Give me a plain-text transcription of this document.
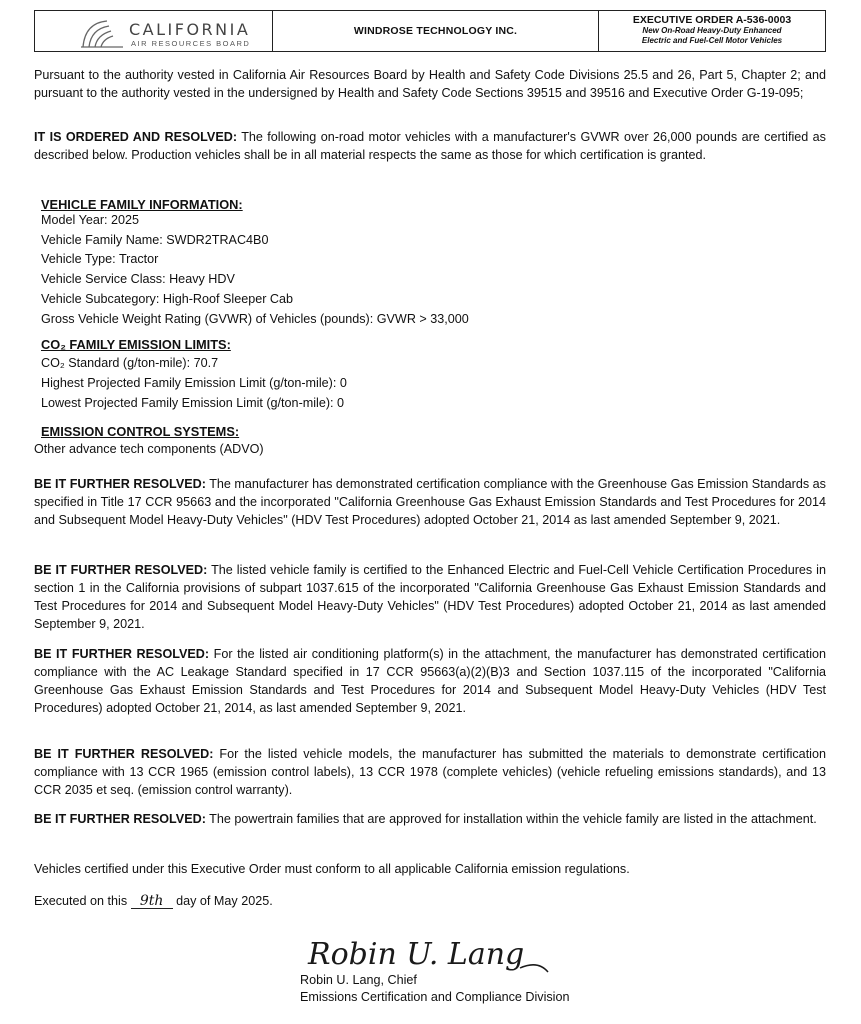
CALIFORNIA
AIR RESOURCES BOARD
WINDROSE TECHNOLOGY INC.
EXECUTIVE ORDER A-536-0003
New On-Road Heavy-Duty Enhanced
Electric and Fuel-Cell Motor Vehicles

Pursuant to the authority vested in California Air Resources Board by Health and Safety Code Divisions 25.5 and 26, Part 5, Chapter 2; and pursuant to the authority vested in the undersigned by Health and Safety Code Sections 39515 and 39516 and Executive Order G-19-095;

IT IS ORDERED AND RESOLVED: The following on-road motor vehicles with a manufacturer's GVWR over 26,000 pounds are certified as described below. Production vehicles shall be in all material respects the same as those for which certification is granted.

VEHICLE FAMILY INFORMATION:

Model Year: 2025

Vehicle Family Name: SWDR2TRAC4B0

Vehicle Type: Tractor

Vehicle Service Class: Heavy HDV

Vehicle Subcategory: High-Roof Sleeper Cab

Gross Vehicle Weight Rating (GVWR) of Vehicles (pounds): GVWR > 33,000

CO₂ FAMILY EMISSION LIMITS:

CO₂ Standard (g/ton-mile): 70.7

Highest Projected Family Emission Limit (g/ton-mile): 0

Lowest Projected Family Emission Limit (g/ton-mile): 0

EMISSION CONTROL SYSTEMS:

Other advance tech components (ADVO)

BE IT FURTHER RESOLVED: The manufacturer has demonstrated certification compliance with the Greenhouse Gas Emission Standards as specified in Title 17 CCR 95663 and the incorporated "California Greenhouse Gas Exhaust Emission Standards and Test Procedures for 2014 and Subsequent Model Heavy-Duty Vehicles" (HDV Test Procedures) adopted October 21, 2014 as last amended September 9, 2021.

BE IT FURTHER RESOLVED: The listed vehicle family is certified to the Enhanced Electric and Fuel-Cell Vehicle Certification Procedures in section 1 in the California provisions of subpart 1037.615 of the incorporated "California Greenhouse Gas Exhaust Emission Standards and Test Procedures for 2014 and Subsequent Model Heavy-Duty Vehicles" (HDV Test Procedures) adopted October 21, 2014 as last amended September 9, 2021.

BE IT FURTHER RESOLVED: For the listed air conditioning platform(s) in the attachment, the manufacturer has demonstrated certification compliance with the AC Leakage Standard specified in 17 CCR 95663(a)(2)(B)3 and Section 1037.115 of the incorporated "California Greenhouse Gas Exhaust Emission Standards and Test Procedures for 2014 and Subsequent Model Heavy-Duty Vehicles (HDV Test Procedures) adopted October 21, 2014, as last amended September 9, 2021.

BE IT FURTHER RESOLVED: For the listed vehicle models, the manufacturer has submitted the materials to demonstrate certification compliance with 13 CCR 1965 (emission control labels), 13 CCR 1978 (complete vehicles) (vehicle refueling emissions standards), and 13 CCR 2035 et seq. (emission control warranty).

BE IT FURTHER RESOLVED: The powertrain families that are approved for installation within the vehicle family are listed in the attachment.

Vehicles certified under this Executive Order must conform to all applicable California emission regulations.

Executed on this 9th day of May 2025.

Robin U. Lang

Robin U. Lang, Chief

Emissions Certification and Compliance Division
